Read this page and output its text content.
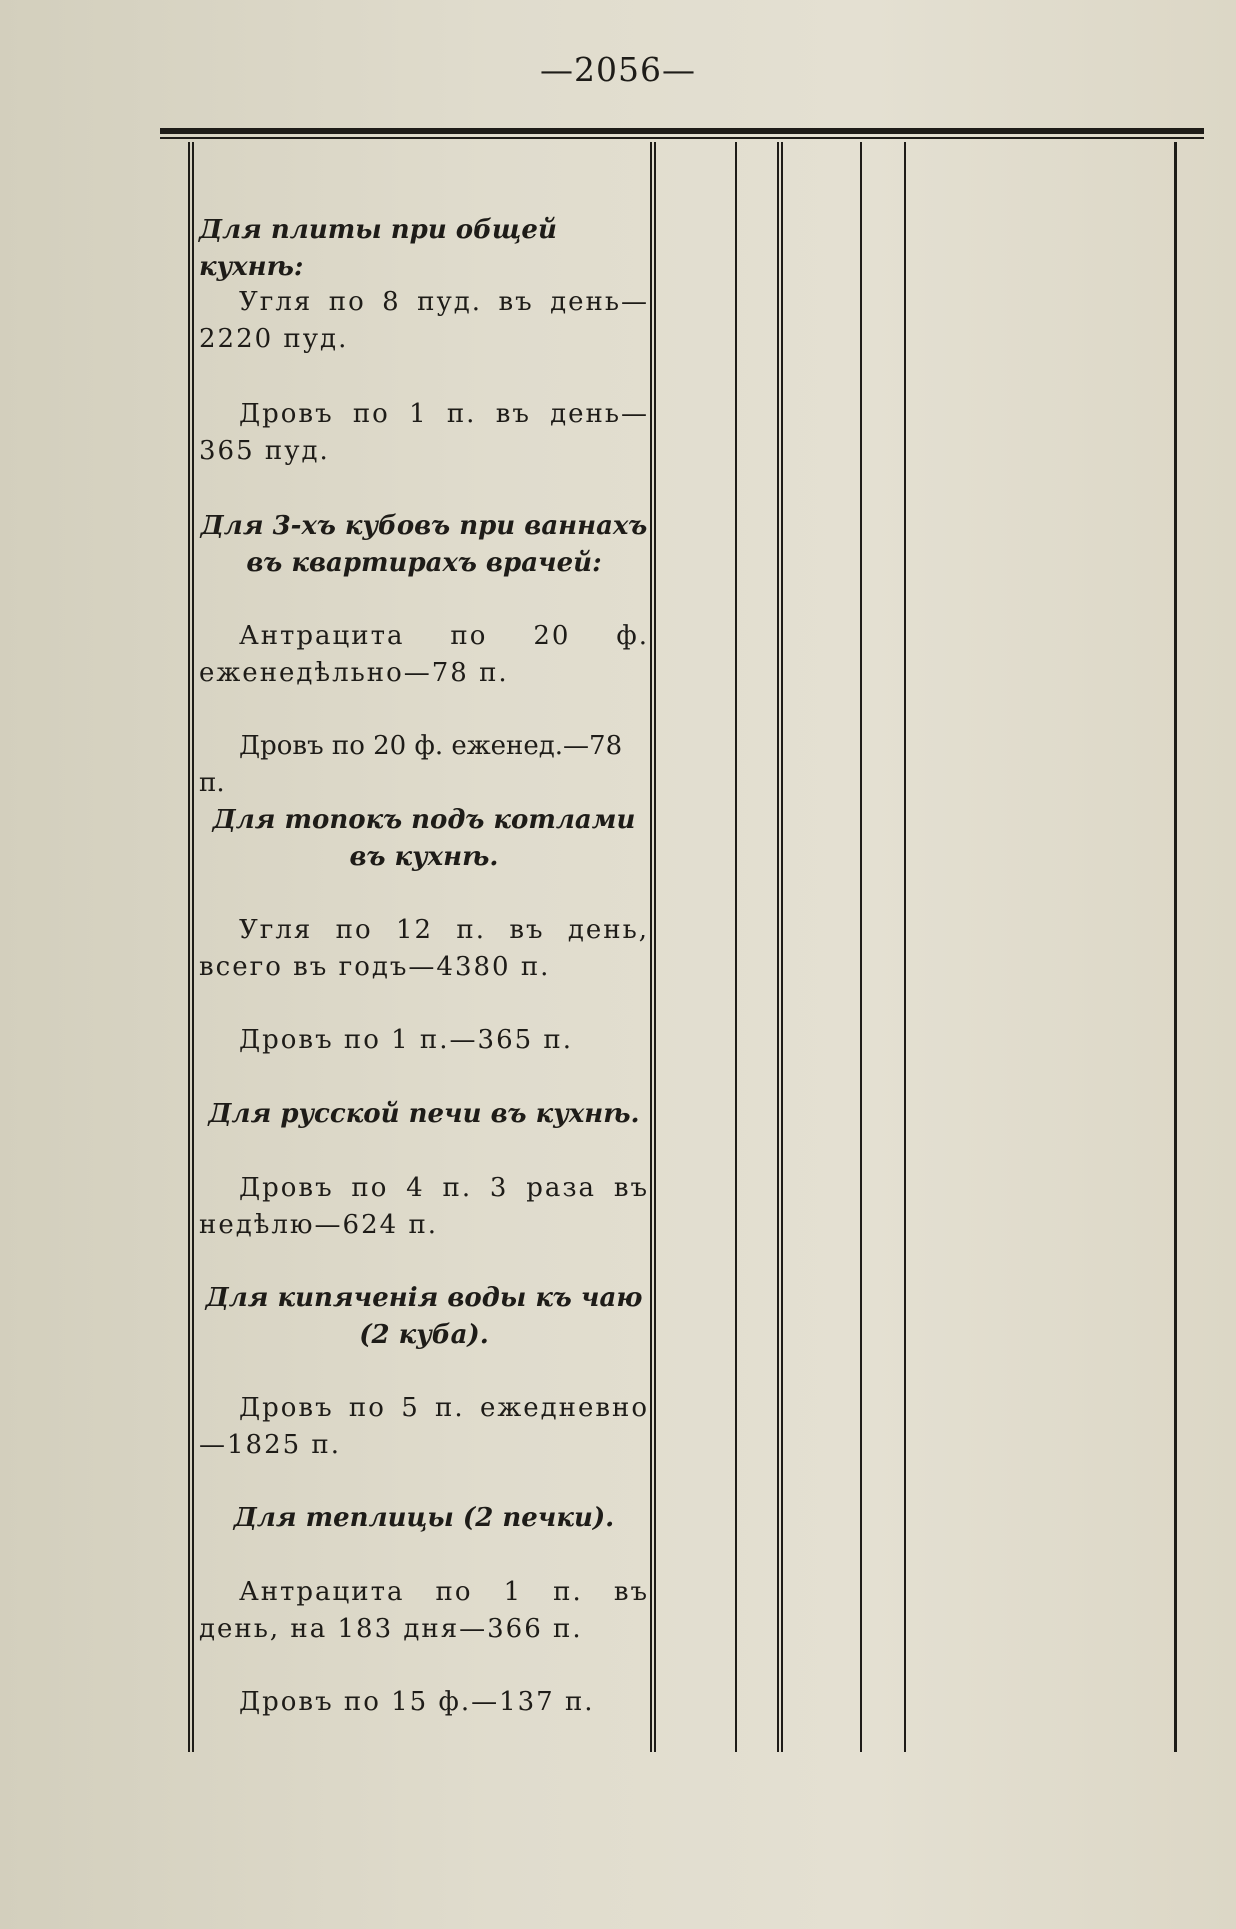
—2056—
Для плиты при общей кухнѣ:
Угля по 8 пуд. въ день—2220 пуд.
Дровъ по 1 п. въ день—365 пуд.
Для 3-хъ кубовъ при ваннахъ въ квартирахъ врачей:
Антрацита по 20 ф. еженедѣльно—78 п.
Дровъ по 20 ф. еженед.—78 п.
Для топокъ подъ котлами въ кухнѣ.
Угля по 12 п. въ день, всего въ годъ—4380 п.
Дровъ по 1 п.—365 п.
Для русской печи въ кухнѣ.
Дровъ по 4 п. 3 раза въ недѣлю—624 п.
Для кипяченія воды къ чаю (2 куба).
Дровъ по 5 п. ежедневно—1825 п.
Для теплицы (2 печки).
Антрацита по 1 п. въ день, на 183 дня—366 п.
Дровъ по 15 ф.—137 п.
